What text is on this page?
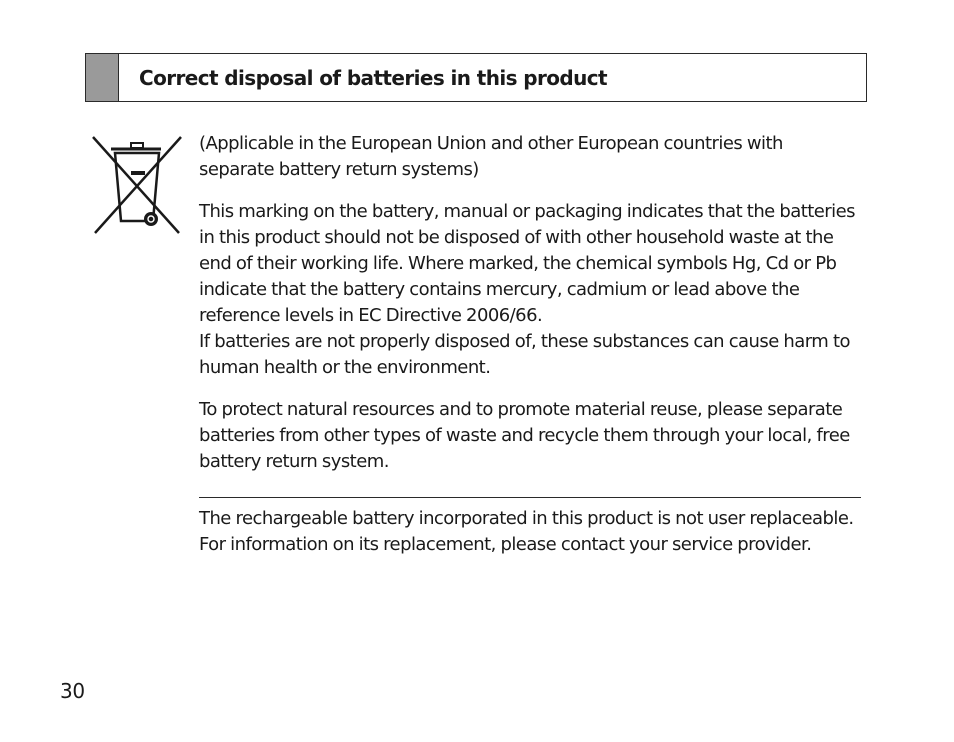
Correct disposal of batteries in this product

(Applicable in the European Union and other European countries with separate battery return systems)

This marking on the battery, manual or packaging indicates that the batteries in this product should not be disposed of with other household waste at the end of their working life. Where marked, the chemical symbols Hg, Cd or Pb indicate that the battery contains mercury, cadmium or lead above the reference levels in EC Directive 2006/66.

If batteries are not properly disposed of, these substances can cause harm to human health or the environment.

To protect natural resources and to promote material reuse, please separate batteries from other types of waste and recycle them through your local, free battery return system.

The rechargeable battery incorporated in this product is not user replaceable. For information on its replacement, please contact your service provider.

30
